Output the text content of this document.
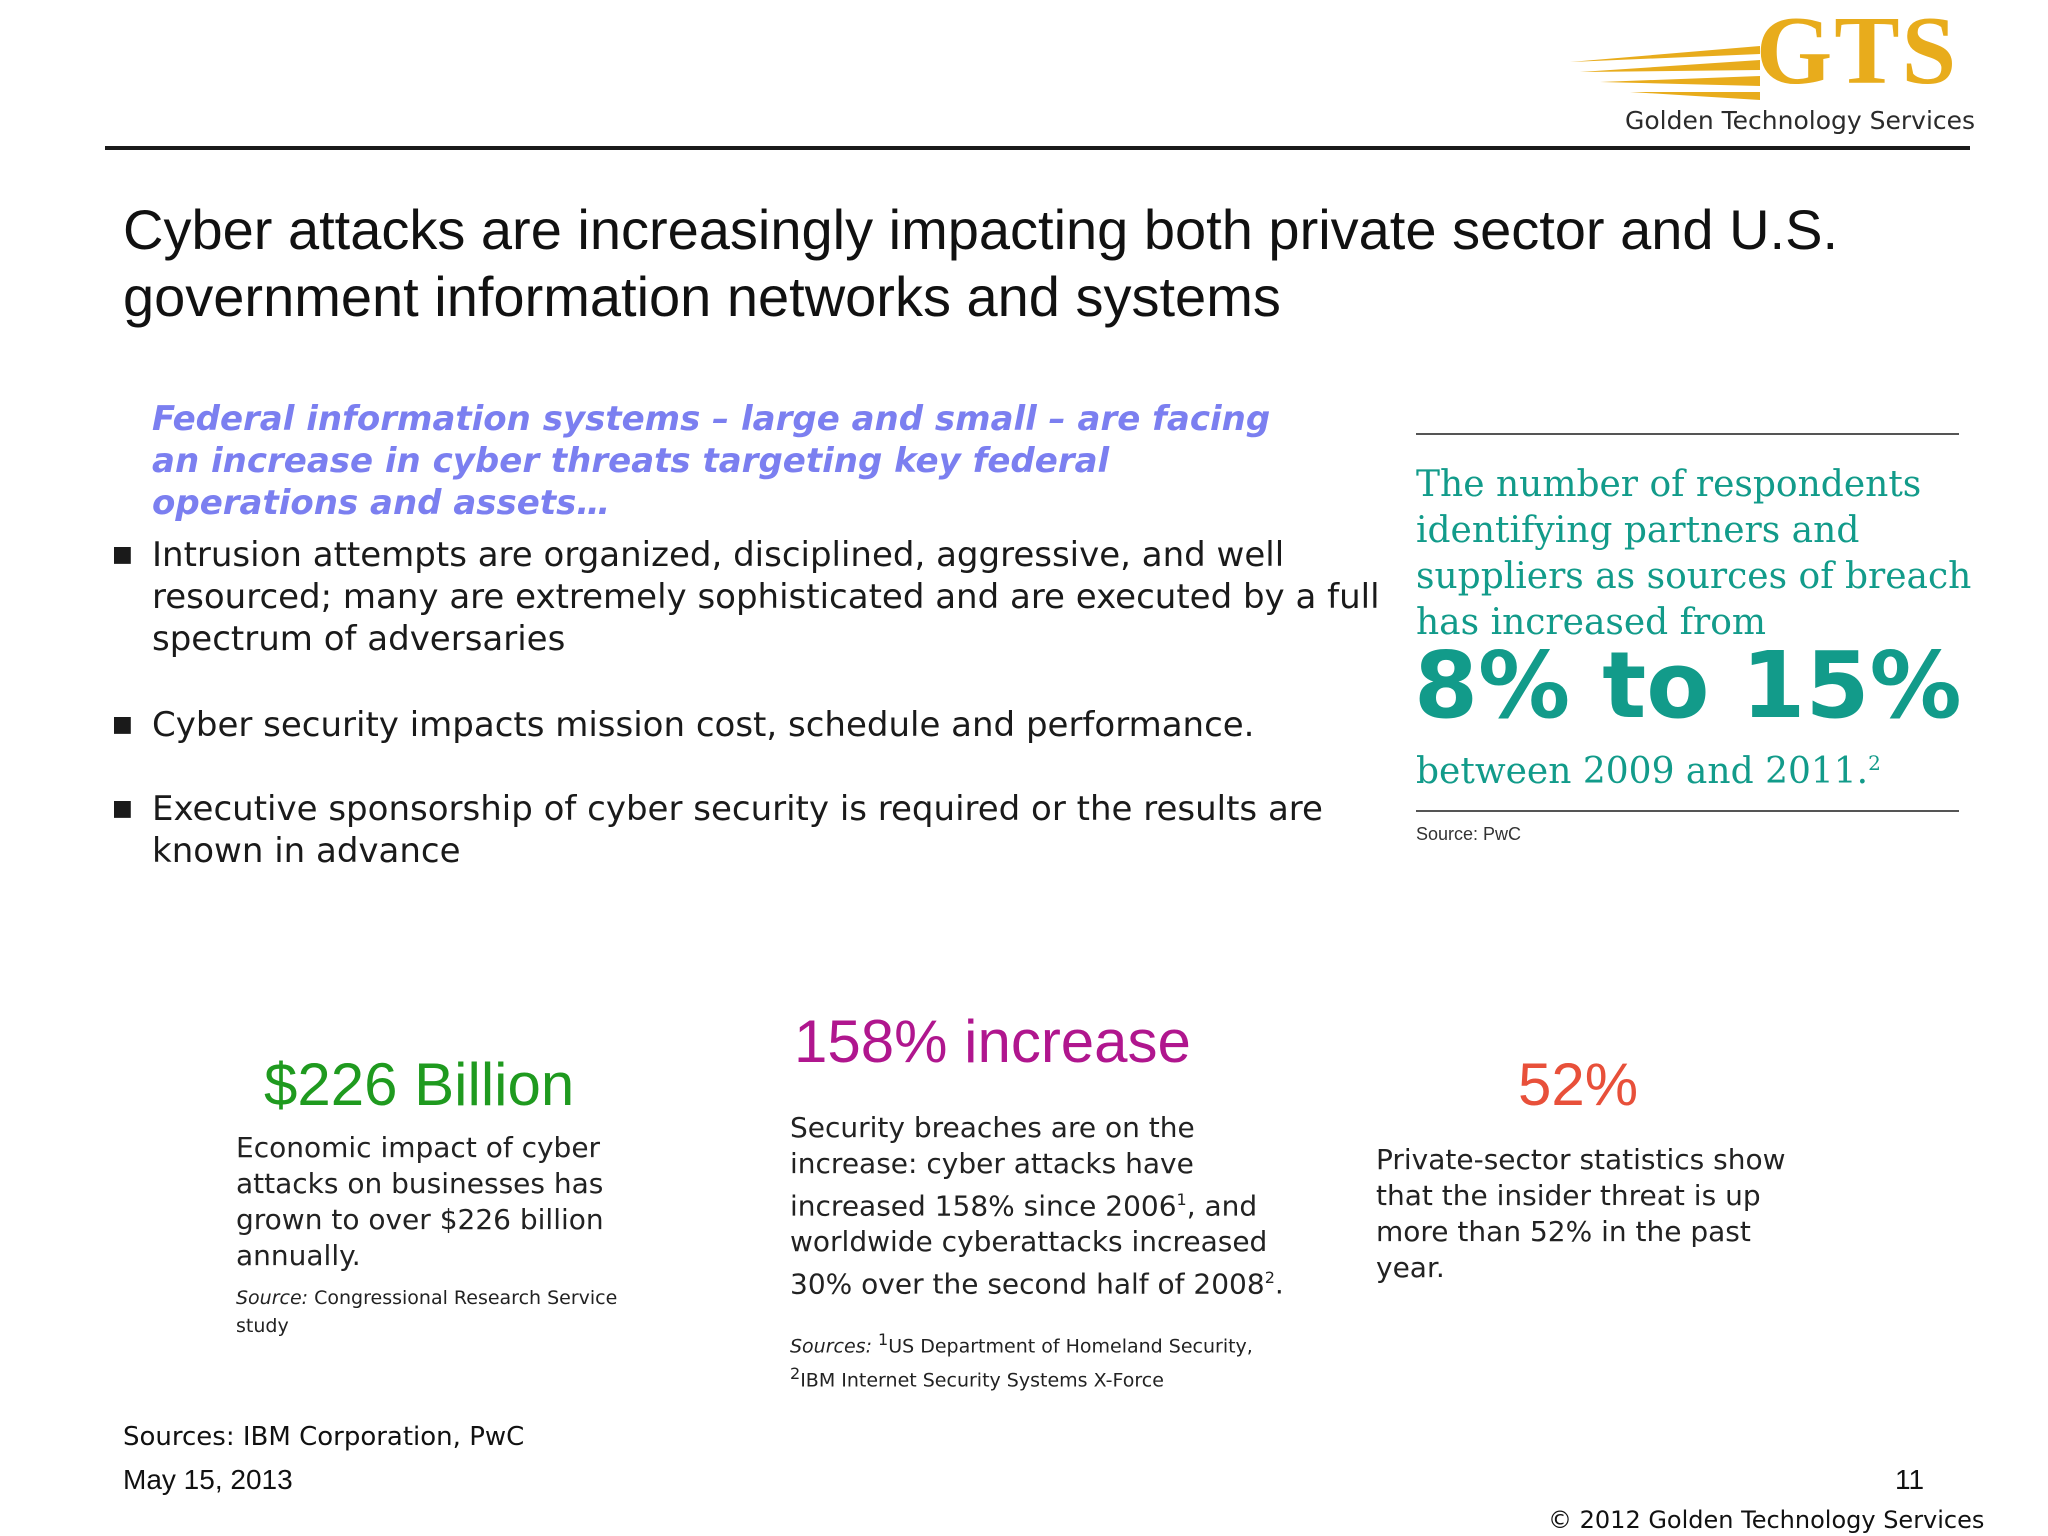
GTS
Golden Technology Services
Cyber attacks are increasingly impacting both private sector and U.S. government information networks and systems
Federal information systems – large and small – are facing an increase in cyber threats targeting key federal operations and assets…
■ Intrusion attempts are organized, disciplined, aggressive, and well resourced; many are extremely sophisticated and are executed by a full spectrum of adversaries
■ Cyber security impacts mission cost, schedule and performance.
■ Executive sponsorship of cyber security is required or the results are known in advance
The number of respondents identifying partners and suppliers as sources of breach has increased from
8% to 15%
between 2009 and 2011.$^2$
Source: PwC
$226 Billion
Economic impact of cyber attacks on businesses has grown to over $226 billion annually.
Source: Congressional Research Service study
158% increase
Security breaches are on the
increase: cyber attacks have
increased 158% since 2006$^1$, and
worldwide cyberattacks increased
30% over the second half of 2008$^2$.
Sources: $^1$US Department of Homeland Security,
$^2$IBM Internet Security Systems X-Force
52%
Private-sector statistics show that the insider threat is up more than 52% in the past year.
Sources: IBM Corporation, PwC
May 15, 2013	11
© 2012 Golden Technology Services
